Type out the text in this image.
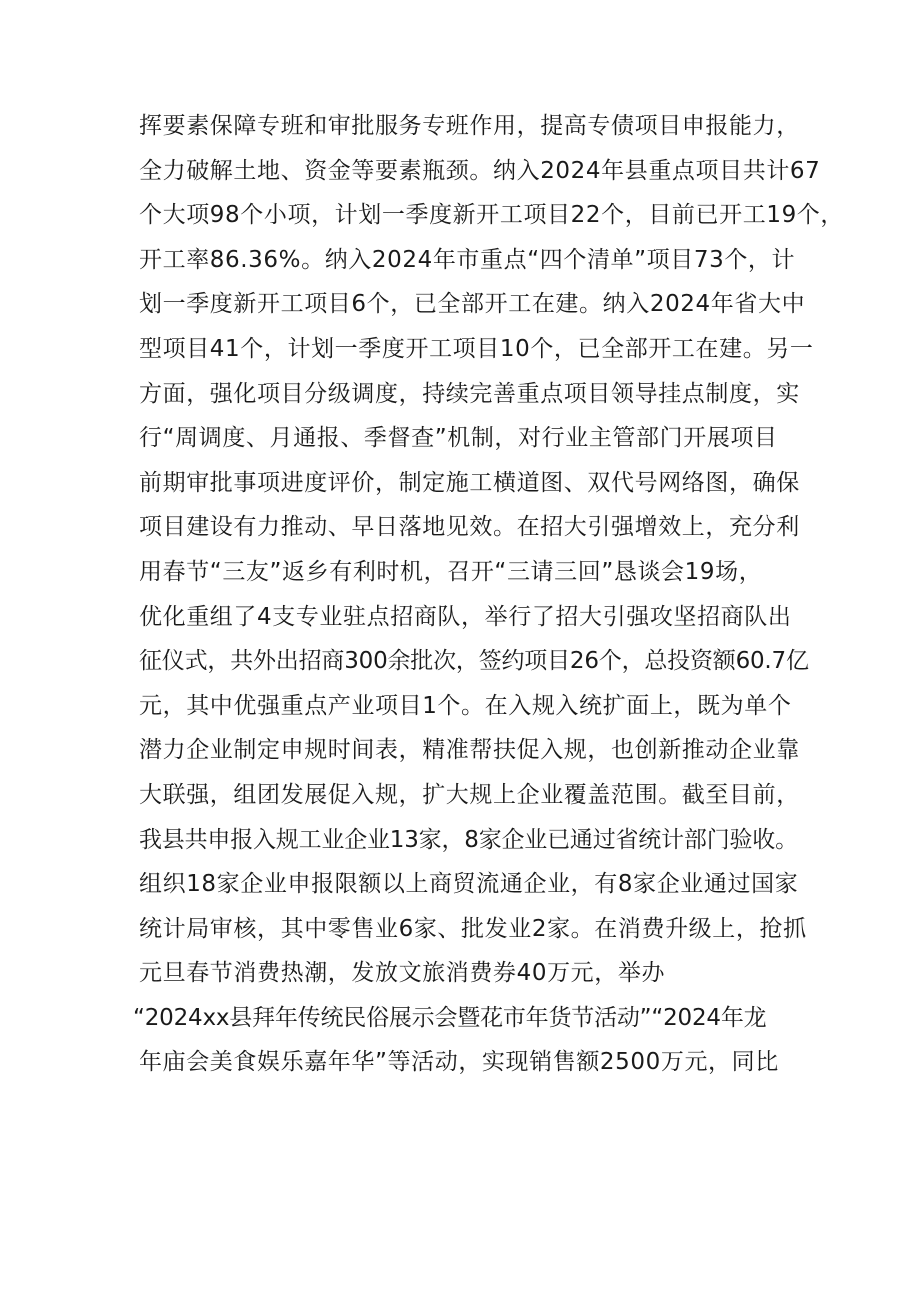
挥要素保障专班和审批服务专班作用，提高专债项目申报能力，
全力破解土地、资金等要素瓶颈。纳入2024年县重点项目共计67
个大项98个小项，计划一季度新开工项目22个，目前已开工19个，
开工率86.36%。纳入2024年市重点“四个清单”项目73个，计
划一季度新开工项目6个，已全部开工在建。纳入2024年省大中
型项目41个，计划一季度开工项目10个，已全部开工在建。另一
方面，强化项目分级调度，持续完善重点项目领导挂点制度，实
行“周调度、月通报、季督查”机制，对行业主管部门开展项目
前期审批事项进度评价，制定施工横道图、双代号网络图，确保
项目建设有力推动、早日落地见效。在招大引强增效上，充分利
用春节“三友”返乡有利时机，召开“三请三回”恳谈会19场，
优化重组了4支专业驻点招商队，举行了招大引强攻坚招商队出
征仪式，共外出招商300余批次，签约项目26个，总投资额60.7亿
元，其中优强重点产业项目1个。在入规入统扩面上，既为单个
潜力企业制定申规时间表，精准帮扶促入规，也创新推动企业靠
大联强，组团发展促入规，扩大规上企业覆盖范围。截至目前，
我县共申报入规工业企业13家，8家企业已通过省统计部门验收。
组织18家企业申报限额以上商贸流通企业，有8家企业通过国家
统计局审核，其中零售业6家、批发业2家。在消费升级上，抢抓
元旦春节消费热潮，发放文旅消费券40万元，举办
“2024xx县拜年传统民俗展示会暨花市年货节活动”“2024年龙
年庙会美食娱乐嘉年华”等活动，实现销售额2500万元，同比
